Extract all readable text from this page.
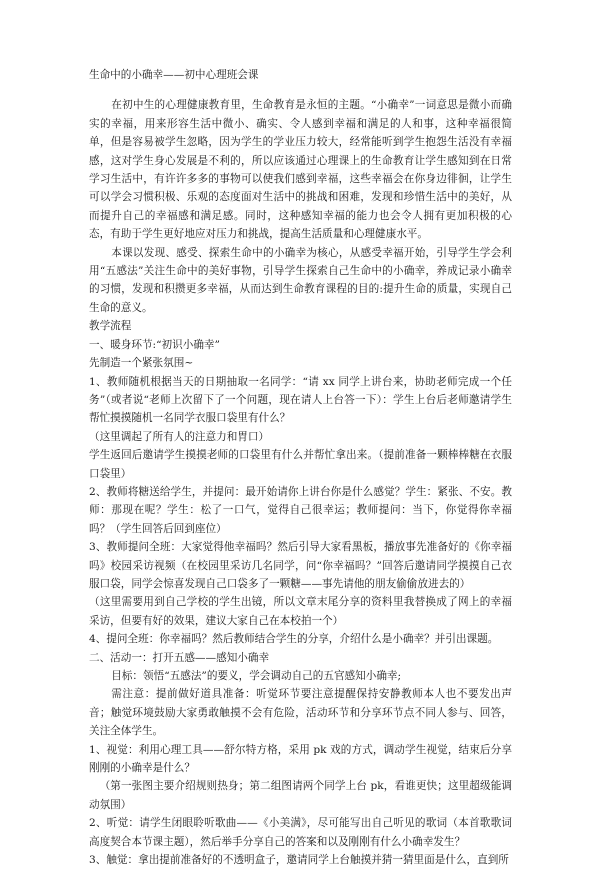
生命中的小确幸——初中心理班会课

在初中生的心理健康教育里，生命教育是永恒的主题。“小确幸”一词意思是微小而确实的幸福，用来形容生活中微小、确实、令人感到幸福和满足的人和事，这种幸福很简单，但是容易被学生忽略，因为学生的学业压力较大，经常能听到学生抱怨生活没有幸福感，这对学生身心发展是不利的，所以应该通过心理课上的生命教育让学生感知到在日常学习生活中，有许许多多的事物可以使我们感到幸福，这些幸福会在你身边徘徊，让学生可以学会习惯积极、乐观的态度面对生活中的挑战和困难，发现和珍惜生活中的美好，从而提升自己的幸福感和满足感。同时，这种感知幸福的能力也会令人拥有更加积极的心态，有助于学生更好地应对压力和挑战，提高生活质量和心理健康水平。

本课以发现、感受、探索生命中的小确幸为核心，从感受幸福开始，引导学生学会利用“五感法”关注生命中的美好事物，引导学生探索自己生命中的小确幸，养成记录小确幸的习惯，发现和积攒更多幸福，从而达到生命教育课程的目的:提升生命的质量，实现自己生命的意义。

教学流程

一、暖身环节:“初识小确幸”

先制造一个紧张氛围~

1、教师随机根据当天的日期抽取一名同学：“请 xx 同学上讲台来，协助老师完成一个任务”（或者说“老师上次留下了一个问题，现在请人上台答一下）：学生上台后老师邀请学生帮忙摸摸随机一名同学衣服口袋里有什么？

（这里调起了所有人的注意力和胃口）

学生返回后邀请学生摸摸老师的口袋里有什么并帮忙拿出来。（提前准备一颗棒棒糖在衣服口袋里）

2、教师将糖送给学生，并提问：最开始请你上讲台你是什么感觉？学生：紧张、不安。教师：那现在呢？学生：松了一口气，觉得自己很幸运；教师提问：当下，你觉得你幸福吗？（学生回答后回到座位）

3、教师提问全班：大家觉得他幸福吗？然后引导大家看黑板，播放事先准备好的《你幸福吗》校园采访视频（在校园里采访几名同学，问“你幸福吗？”回答后邀请同学摸摸自己衣服口袋，同学会惊喜发现自己口袋多了一颗糖——事先请他的朋友偷偷放进去的）

（这里需要用到自己学校的学生出镜，所以文章末尾分享的资料里我替换成了网上的幸福采访，但要有好的效果，建议大家自己在本校拍一个）

4、提问全班：你幸福吗？然后教师结合学生的分享，介绍什么是小确幸？并引出课题。

二、活动一：打开五感——感知小确幸

目标：领悟“五感法”的要义，学会调动自己的五官感知小确幸;

需注意：提前做好道具准备：听觉环节要注意提醒保持安静教师本人也不要发出声音；触觉环境鼓励大家勇敢触摸不会有危险，活动环节和分享环节点不同人参与、回答，关注全体学生。

1、视觉：利用心理工具——舒尔特方格，采用 pk 戏的方式，调动学生视觉，结束后分享刚刚的小确幸是什么？

（第一张图主要介绍规则热身；第二组图请两个同学上台 pk，看谁更快；这里超级能调动氛围）

2、听觉：请学生闭眼聆听歌曲——《小美满》，尽可能写出自己听见的歌词（本首歌歌词高度契合本节课主题），然后举手分享自己的答案和以及刚刚有什么小确幸发生？

3、触觉：拿出提前准备好的不透明盒子，邀请同学上台触摸并猜一猜里面是什么，直到所
